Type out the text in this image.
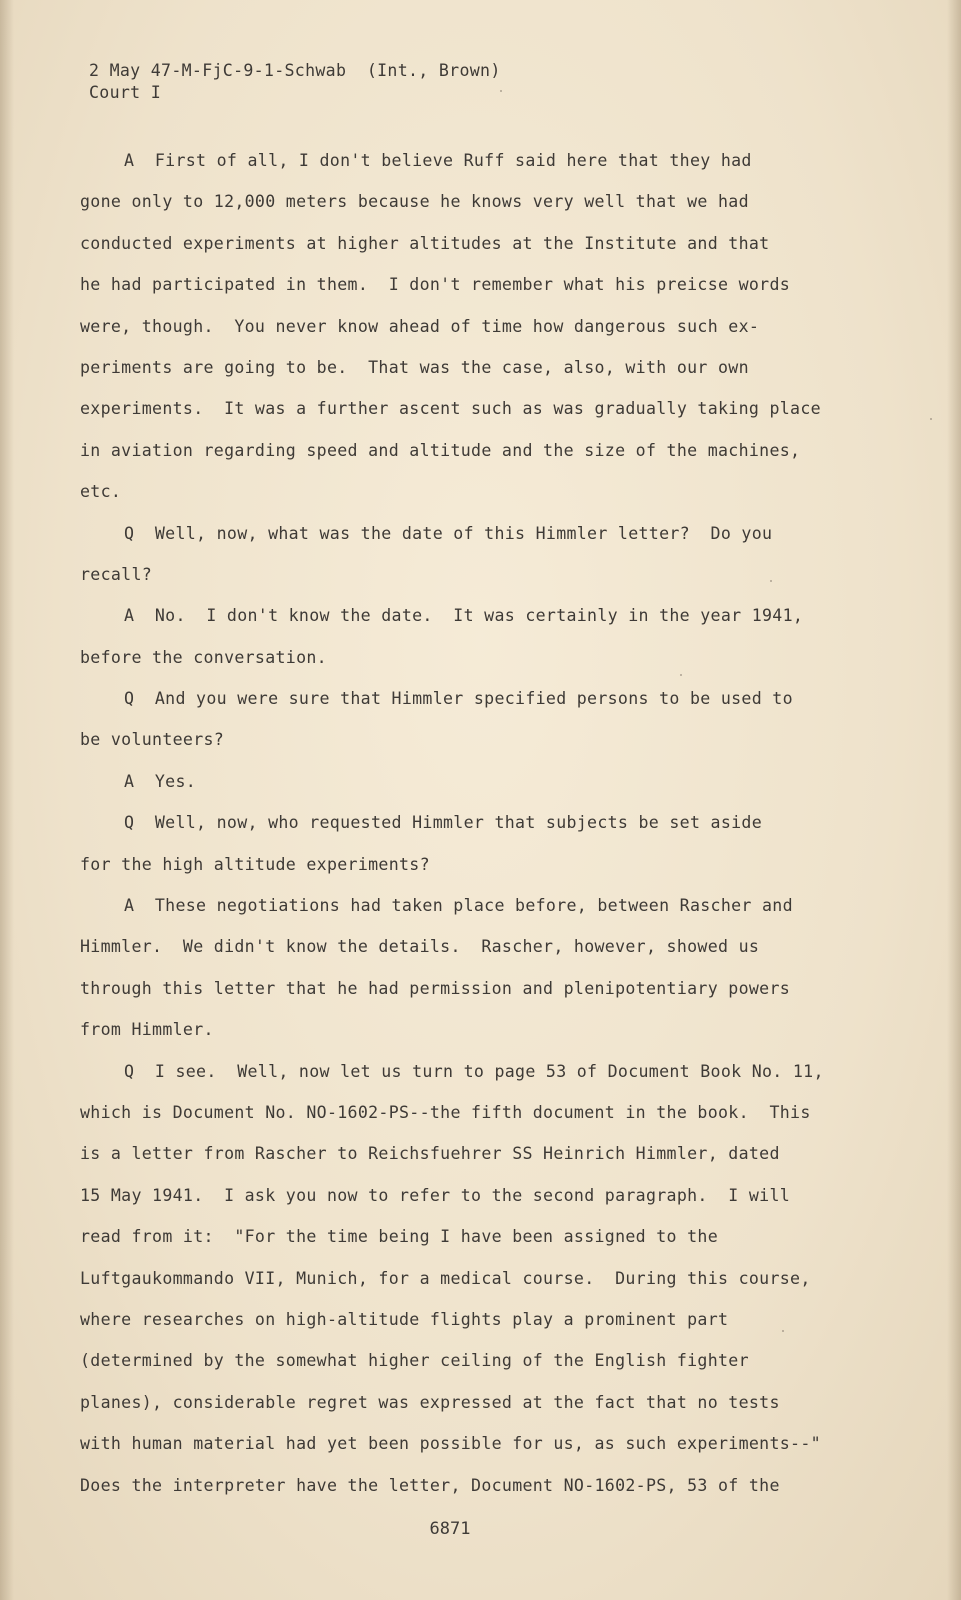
2 May 47-M-FjC-9-1-Schwab  (Int., Brown)
Court I
A  First of all, I don't believe Ruff said here that they had
gone only to 12,000 meters because he knows very well that we had
conducted experiments at higher altitudes at the Institute and that
he had participated in them.  I don't remember what his preicse words
were, though.  You never know ahead of time how dangerous such ex-
periments are going to be.  That was the case, also, with our own
experiments.  It was a further ascent such as was gradually taking place
in aviation regarding speed and altitude and the size of the machines,
etc.
Q  Well, now, what was the date of this Himmler letter?  Do you
recall?
A  No.  I don't know the date.  It was certainly in the year 1941,
before the conversation.
Q  And you were sure that Himmler specified persons to be used to
be volunteers?
A  Yes.
Q  Well, now, who requested Himmler that subjects be set aside
for the high altitude experiments?
A  These negotiations had taken place before, between Rascher and
Himmler.  We didn't know the details.  Rascher, however, showed us
through this letter that he had permission and plenipotentiary powers
from Himmler.
Q  I see.  Well, now let us turn to page 53 of Document Book No. 11,
which is Document No. NO-1602-PS--the fifth document in the book.  This
is a letter from Rascher to Reichsfuehrer SS Heinrich Himmler, dated
15 May 1941.  I ask you now to refer to the second paragraph.  I will
read from it:  "For the time being I have been assigned to the
Luftgaukommando VII, Munich, for a medical course.  During this course,
where researches on high-altitude flights play a prominent part
(determined by the somewhat higher ceiling of the English fighter
planes), considerable regret was expressed at the fact that no tests
with human material had yet been possible for us, as such experiments--"
Does the interpreter have the letter, Document NO-1602-PS, 53 of the
6871
